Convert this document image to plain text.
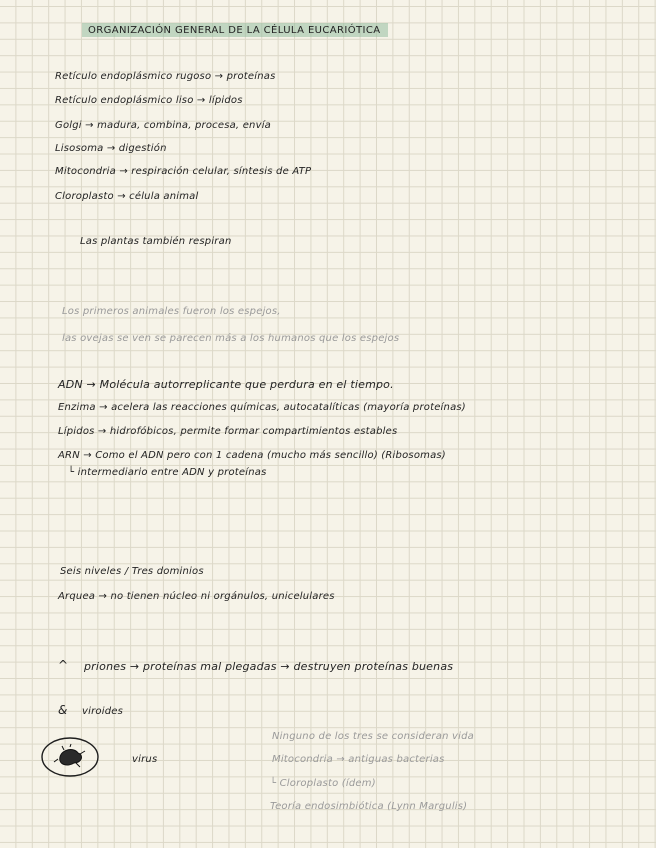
ORGANIZACIÓN GENERAL DE LA CÉLULA EUCARIÓTICA
Retículo endoplásmico rugoso → proteínas
Retículo endoplásmico liso → lípidos
Golgi → madura, combina, procesa, envía
Lisosoma → digestión
Mitocondria → respiración celular, síntesis de ATP
Cloroplasto → célula animal
Las plantas también respiran
Los primeros animales fueron los espejos,
las ovejas se ven se parecen más a los humanos que los espejos
ADN → Molécula autorreplicante que perdura en el tiempo.
Enzima → acelera las reacciones químicas, autocatalíticas (mayoría proteínas)
Lípidos → hidrofóbicos, permite formar compartimientos estables
ARN → Como el ADN pero con 1 cadena (mucho más sencillo) (Ribosomas)
└ intermediario entre ADN y proteínas
Seis niveles / Tres dominios
Arquea → no tienen núcleo ni orgánulos, unicelulares
^ priones → proteínas mal plegadas → destruyen proteínas buenas
& viroides
virus
Ninguno de los tres se consideran vida
Mitocondria → antiguas bacterias
└ Cloroplasto (ídem)
Teoría endosimbiótica (Lynn Margulis)
